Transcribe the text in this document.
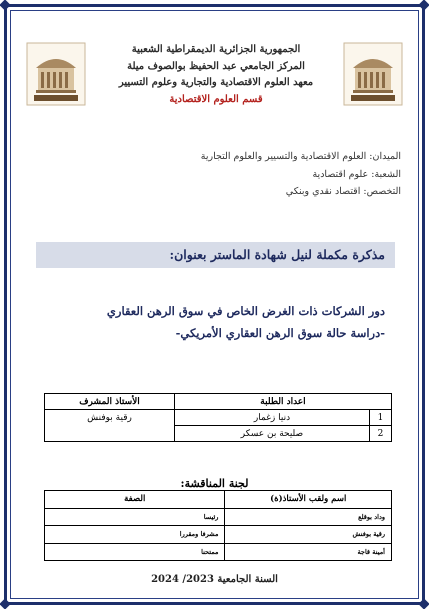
الجمهورية الجزائرية الديمقراطية الشعبية
المركز الجامعي عبد الحفيظ بوالصوف ميلة
معهد العلوم الاقتصادية والتجارية وعلوم التسيير
قسم العلوم الاقتصادية
الميدان: العلوم الاقتصادية والتسيير والعلوم التجارية
الشعبة: علوم اقتصادية
التخصص: اقتصاد نقدي وبنكي
مذكرة مكملة لنيل شهادة الماستر بعنوان:
دور الشركات ذات الغرض الخاص في سوق الرهن العقاري
-دراسة حالة سوق الرهن العقاري الأمريكي-
اعداد الطلبة		الأستاذ المشرف
1	دنيا زغمار	رقية بوفنش
2	صليحة بن عسكر	
لجنة المناقشة:
اسم ولقب الأستاذ(ة)	الصفة
وداد بوقلع	رئيسا
رقية بوفنش	مشرفا ومقررا
أمينة قاجة	ممتحنا
السنة الجامعية 2023/ 2024
